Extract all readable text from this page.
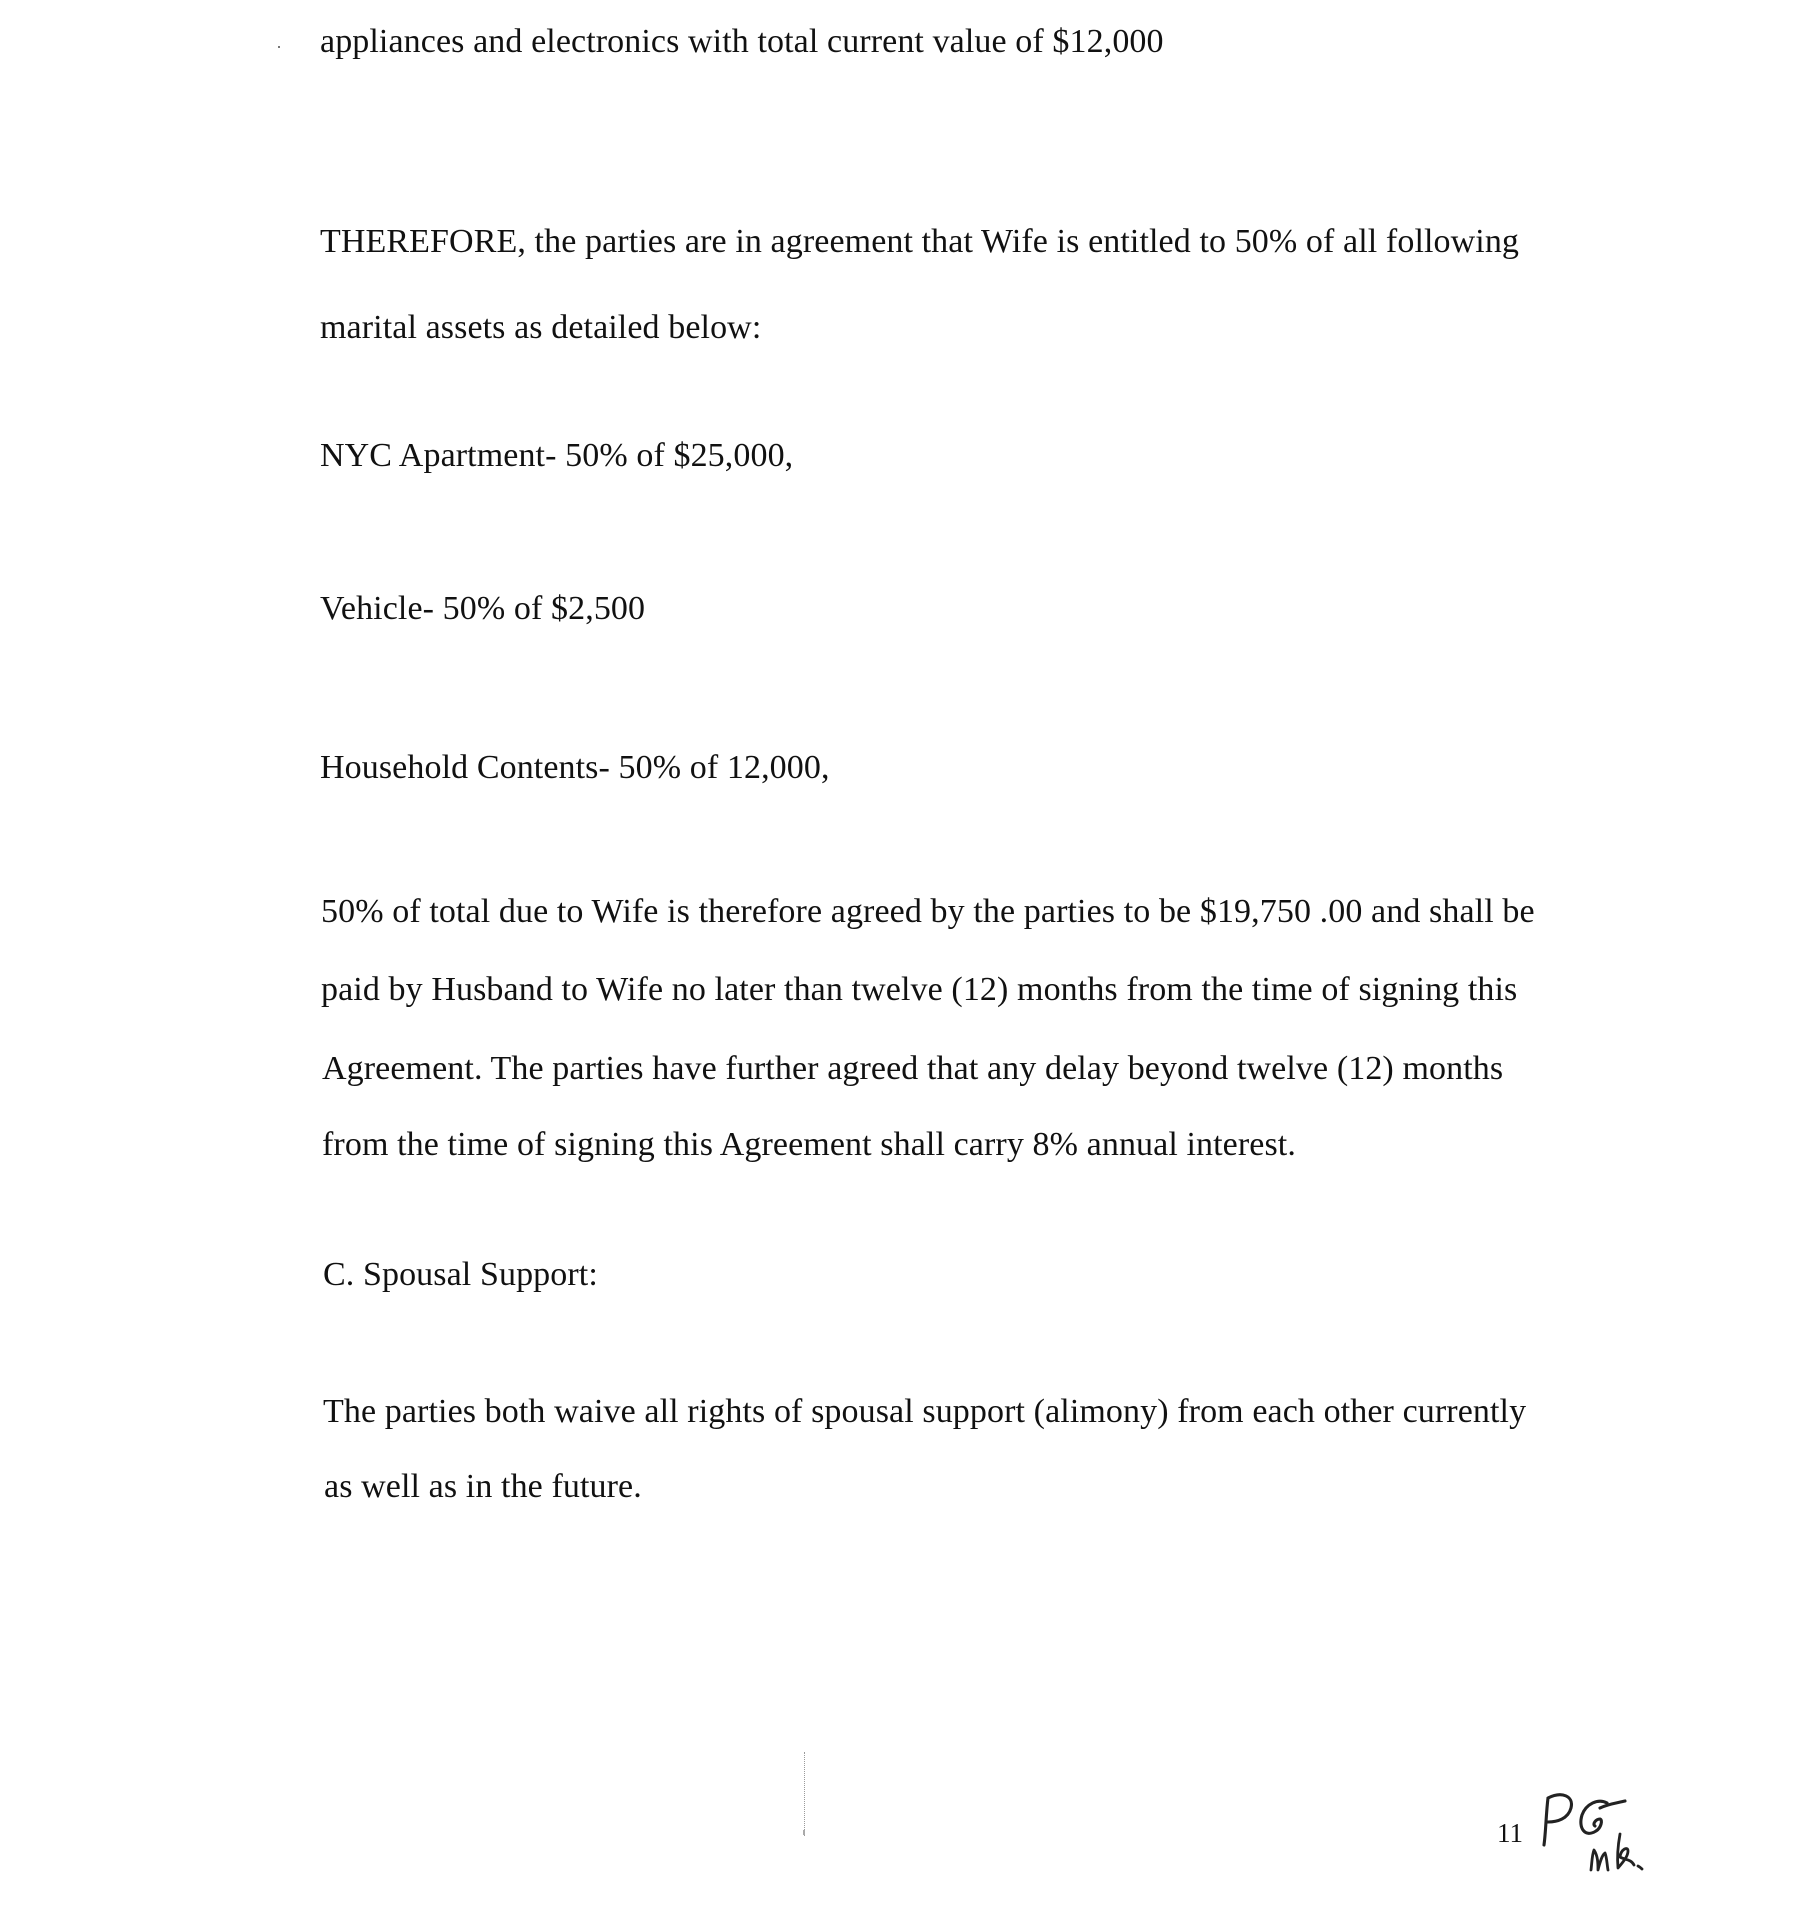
appliances and electronics with total current value of $12,000
THEREFORE, the parties are in agreement that Wife is entitled to 50% of all following
marital assets as detailed below:
NYC Apartment- 50% of $25,000,
Vehicle- 50% of $2,500
Household Contents- 50% of 12,000,
50% of total due to Wife is therefore agreed by the parties to be $19,750 .00 and shall be
paid by Husband to Wife no later than twelve (12) months from the time of signing this
Agreement. The parties have further agreed that any delay beyond twelve (12) months
from the time of signing this Agreement shall carry 8% annual interest.
C. Spousal Support:
The parties both waive all rights of spousal support (alimony) from each other currently
as well as in the future.
11
